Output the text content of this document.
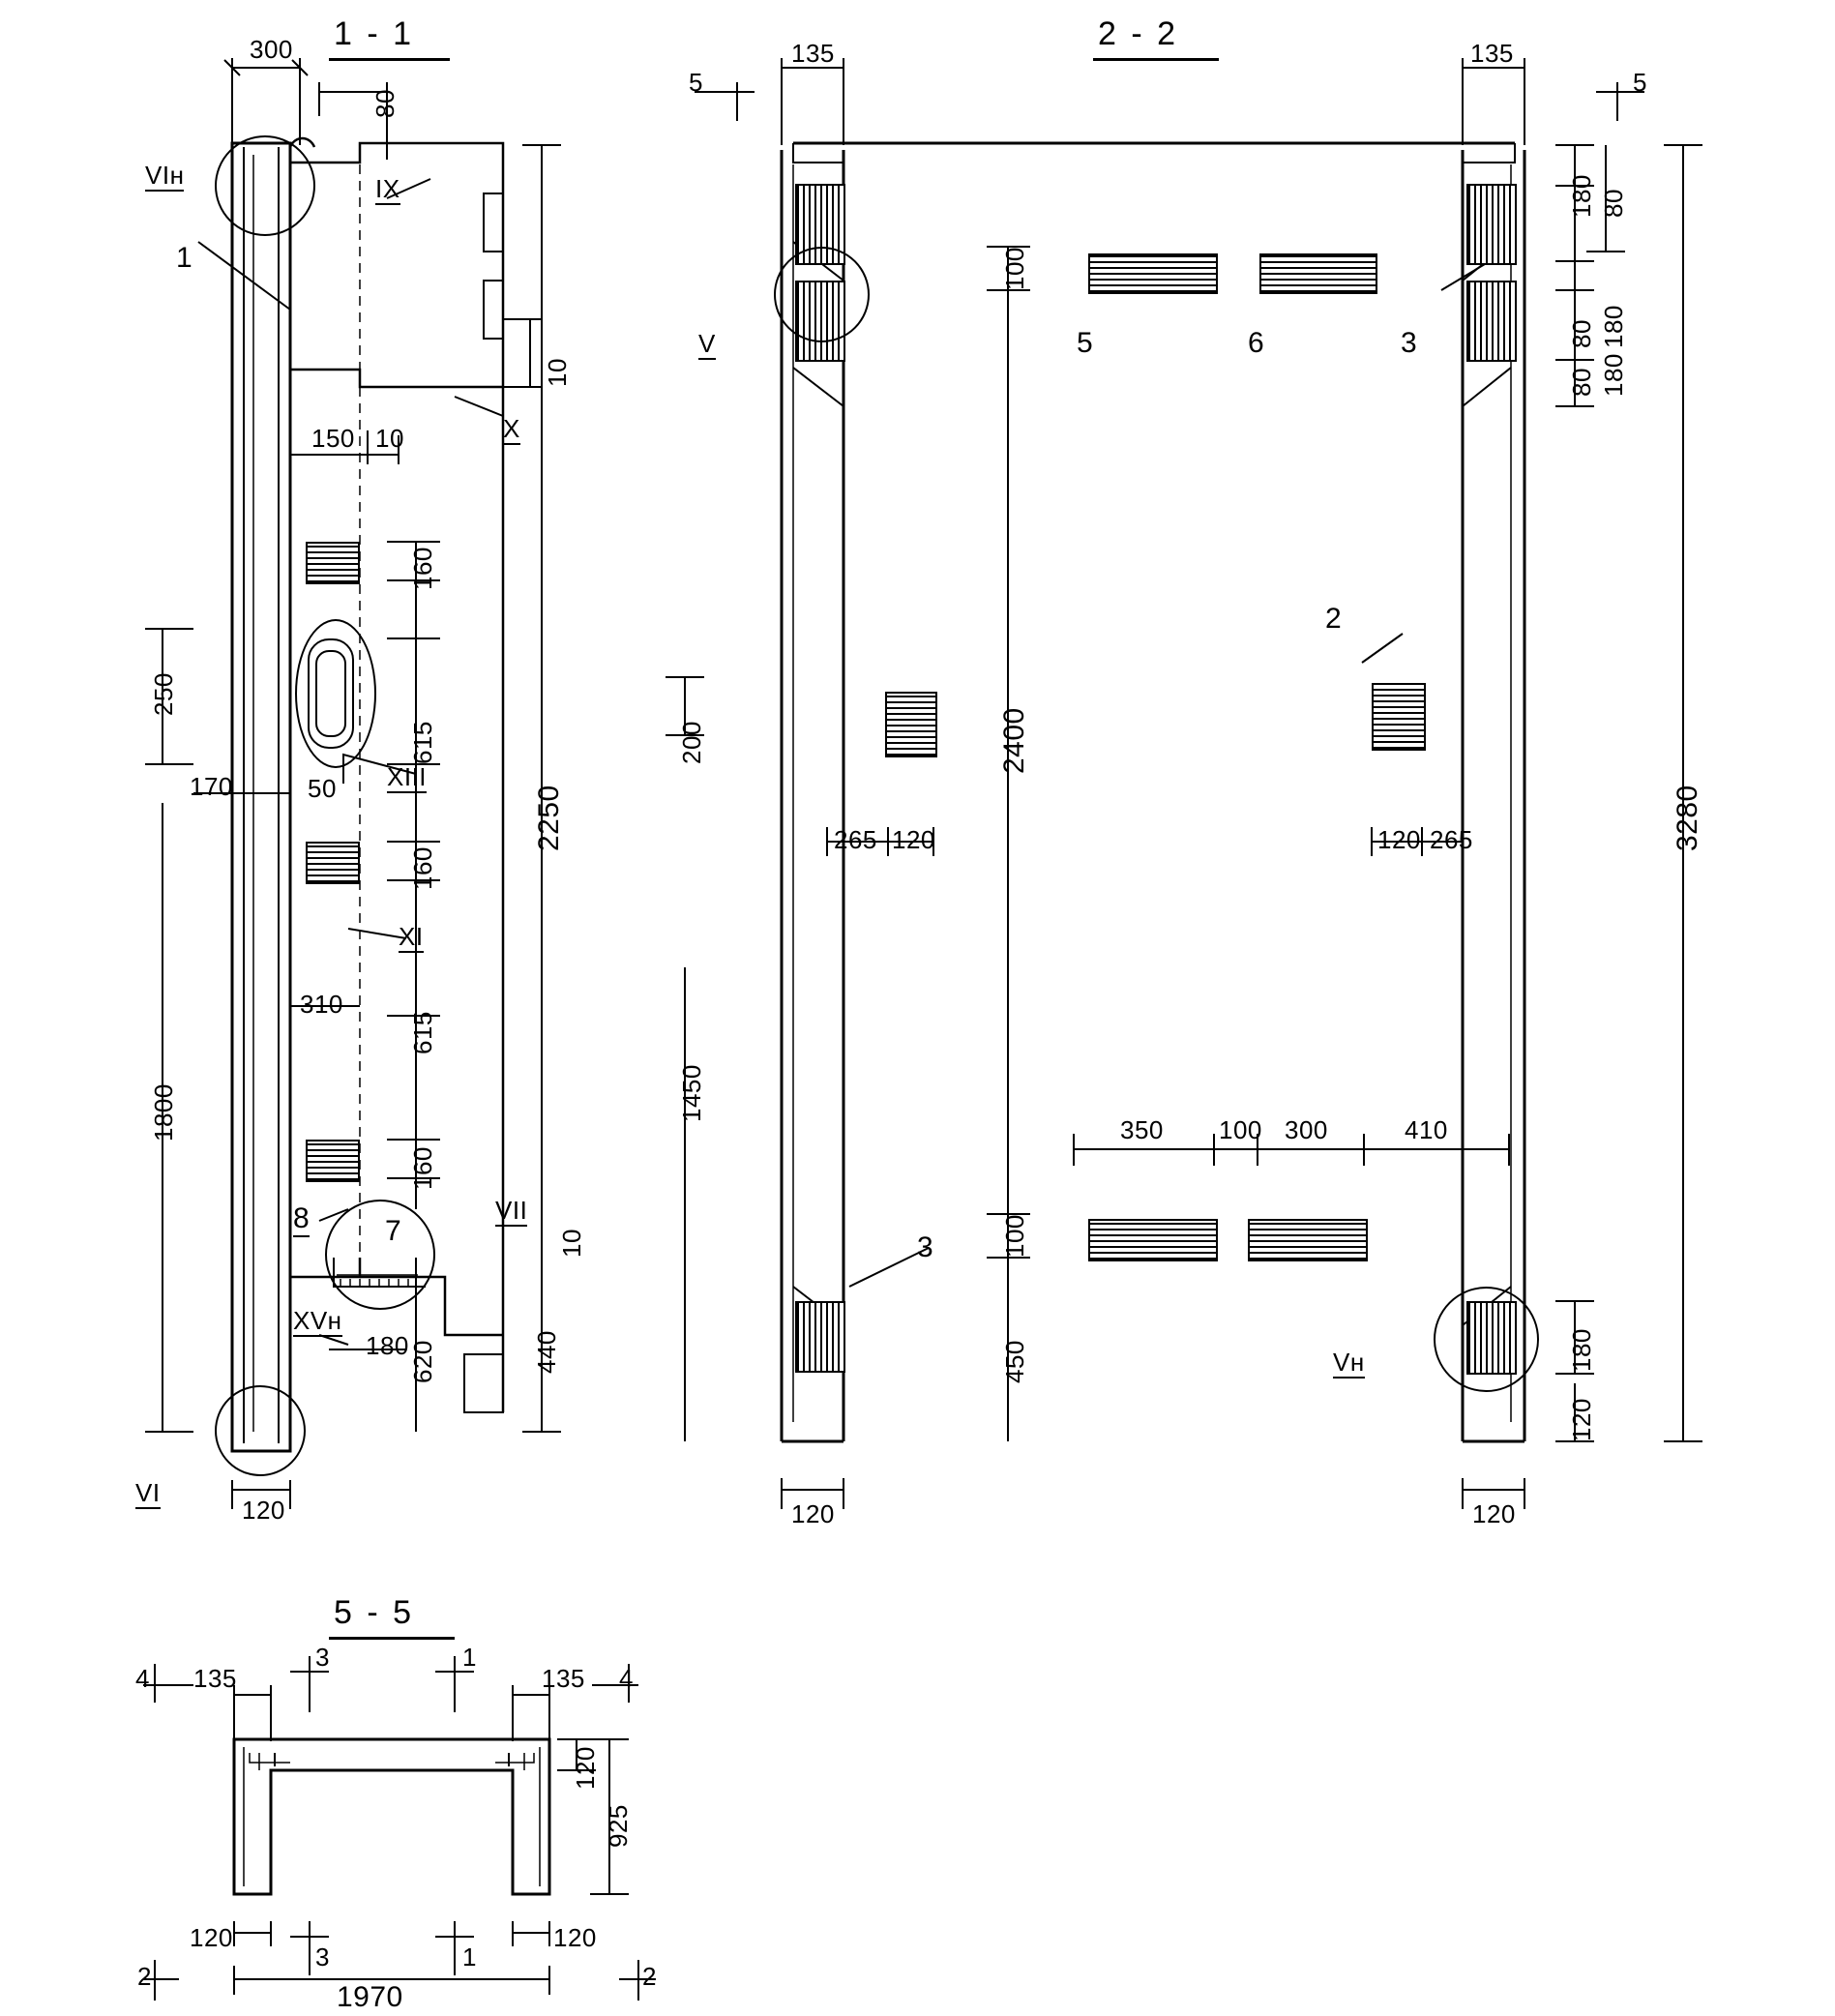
1 - 1
300
80
VIн	IX
X
1
10
150 10
250
170
1800
50 XIII
XI
310
160
615
160
615
160
2250
VII
10
8	7
XVн
180 620	440
VI
120
2 - 2
5	5
135	135
V
180 80
80 180
80 180
3280
100
5	6	3
2
200	2400
265 120	120 265
1450
350 100 300	410
100
450
3
Vн	180
120
120	120
5 - 5
4	4
3	1
135	135
120
925
3	1
120	120
1970
2	2
